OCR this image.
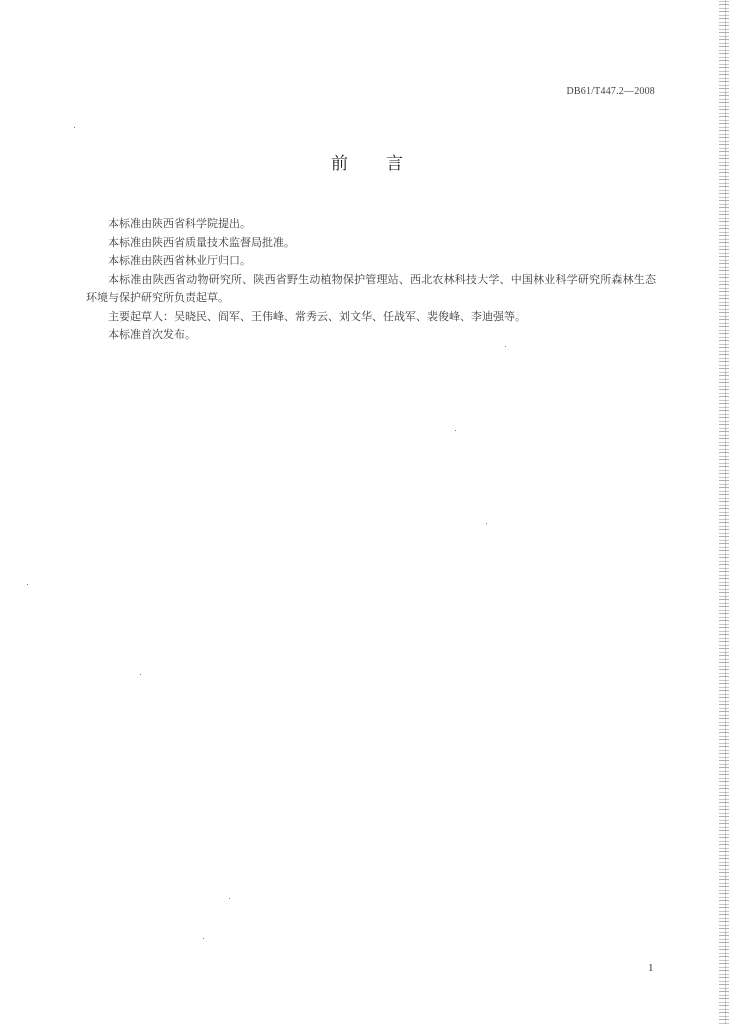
DB61/T447.2—2008
前言

本标准由陕西省科学院提出。

本标准由陕西省质量技术监督局批准。

本标准由陕西省林业厅归口。

本标准由陕西省动物研究所、陕西省野生动植物保护管理站、西北农林科技大学、中国林业科学研究所森林生态环境与保护研究所负责起草。

主要起草人：吴晓民、阎军、王伟峰、常秀云、刘文华、任战军、裴俊峰、李迪强等。

本标准首次发布。

1
